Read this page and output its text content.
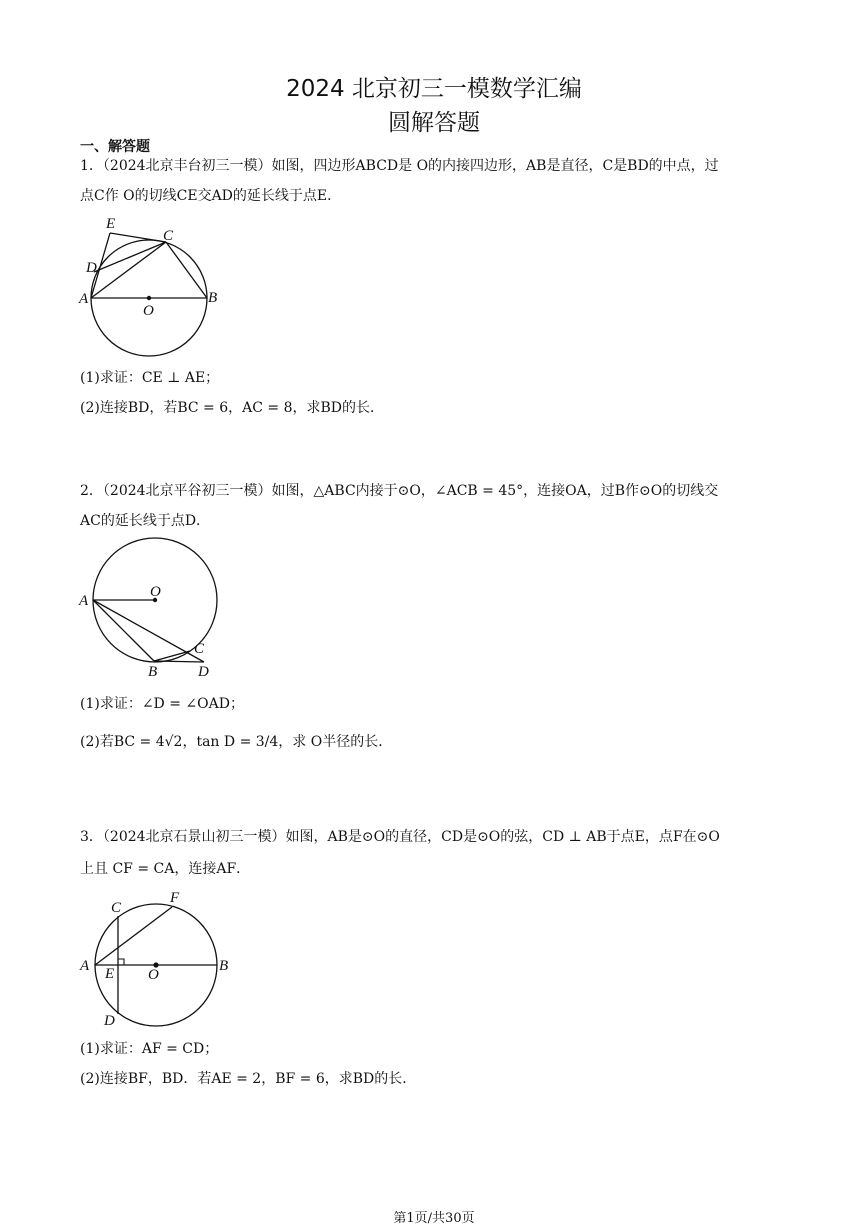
2024 北京初三一模数学汇编
圆解答题
一、解答题
1．（2024北京丰台初三一模）如图，四边形ABCD是 O的内接四边形，AB是直径，C是BD的中点，过
点C作 O的切线CE交AD的延长线于点E．
E
C
D
A	B
O
(1)求证：CE ⊥ AE；
(2)连接BD，若BC = 6，AC = 8，求BD的长．
2．（2024北京平谷初三一模）如图，△ABC内接于⊙O，∠ACB = 45°，连接OA，过B作⊙O的切线交
AC的延长线于点D．
O
A
C
B	D
(1)求证：∠D = ∠OAD；
(2)若BC = 4√2，tan D = 3/4，求 O半径的长．
3．（2024北京石景山初三一模）如图，AB是⊙O的直径，CD是⊙O的弦，CD ⊥ AB于点E，点F在⊙O
上且 CF = CA，连接AF．
C
F
A E O
B
D
(1)求证：AF = CD；
(2)连接BF，BD．若AE = 2，BF = 6，求BD的长．
第1页/共30页
